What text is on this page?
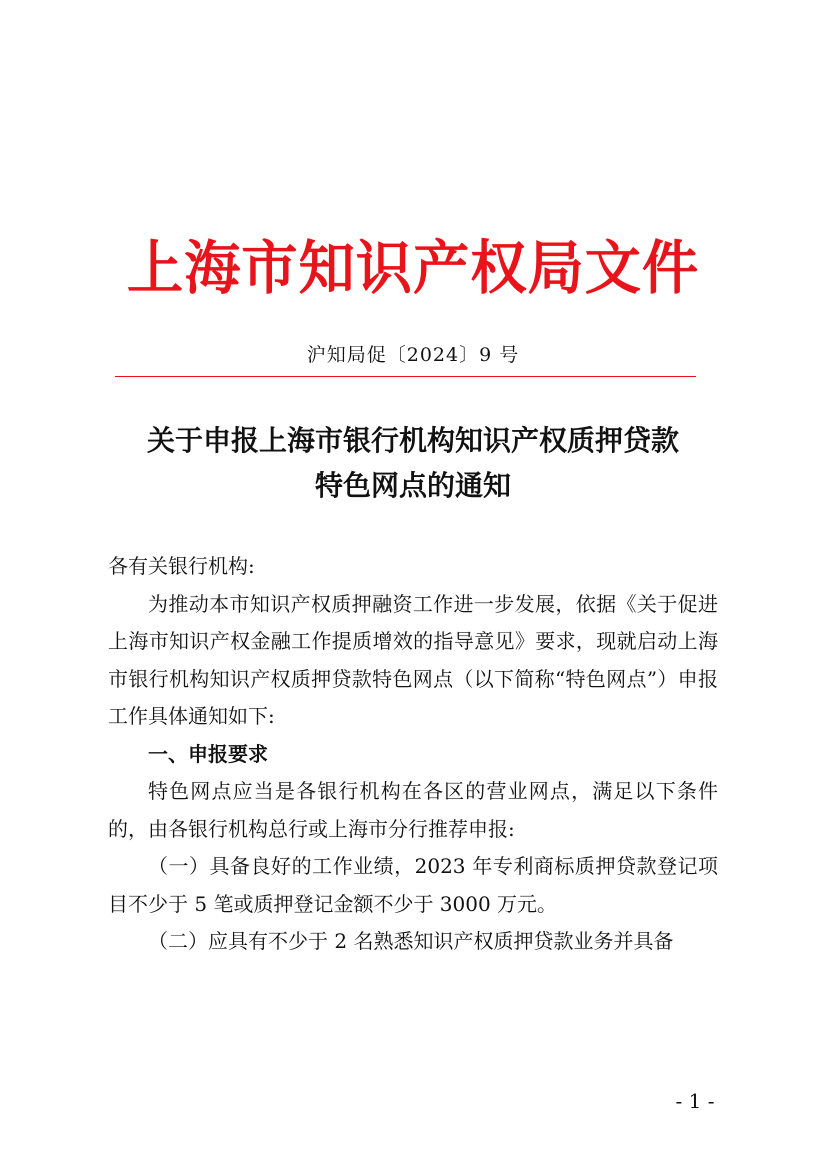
上海市知识产权局文件
沪知局促〔2024〕9 号
关于申报上海市银行机构知识产权质押贷款
特色网点的通知

各有关银行机构:

为推动本市知识产权质押融资工作进一步发展，依据《关于促进上海市知识产权金融工作提质增效的指导意见》要求，现就启动上海市银行机构知识产权质押贷款特色网点（以下简称“特色网点”）申报工作具体通知如下:

一、申报要求

特色网点应当是各银行机构在各区的营业网点，满足以下条件的，由各银行机构总行或上海市分行推荐申报:

（一）具备良好的工作业绩，2023 年专利商标质押贷款登记项目不少于 5 笔或质押登记金额不少于 3000 万元。

（二）应具有不少于 2 名熟悉知识产权质押贷款业务并具备

- 1 -
